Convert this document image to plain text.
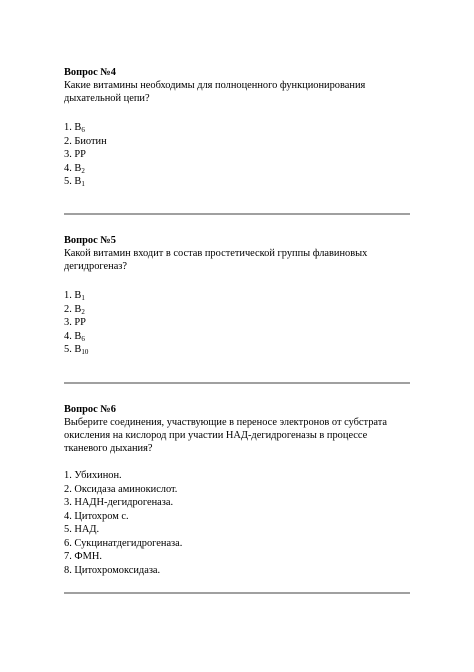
Вопрос №4

Какие витамины необходимы для полноценного функционирования дыхательной цепи?

1. $B_6$
2. Биотин
3. PP
4. $B_2$
5. $B_1$

Вопрос №5

Какой витамин входит в состав простетической группы флавиновых дегидрогеназ?

1. $B_1$
2. $B_2$
3. PP
4. $B_6$
5. $B_{10}$

Вопрос №6

Выберите соединения, участвующие в переносе электронов от субстрата окисления на кислород при участии НАД-дегидрогеназы в процессе тканевого дыхания?

1. Убихинон.
2. Оксидаза аминокислот.
3. НАДН-дегидрогеназа.
4. Цитохром с.
5. НАД.
6. Сукцинатдегидрогеназа.
7. ФМН.
8. Цитохромоксидаза.
